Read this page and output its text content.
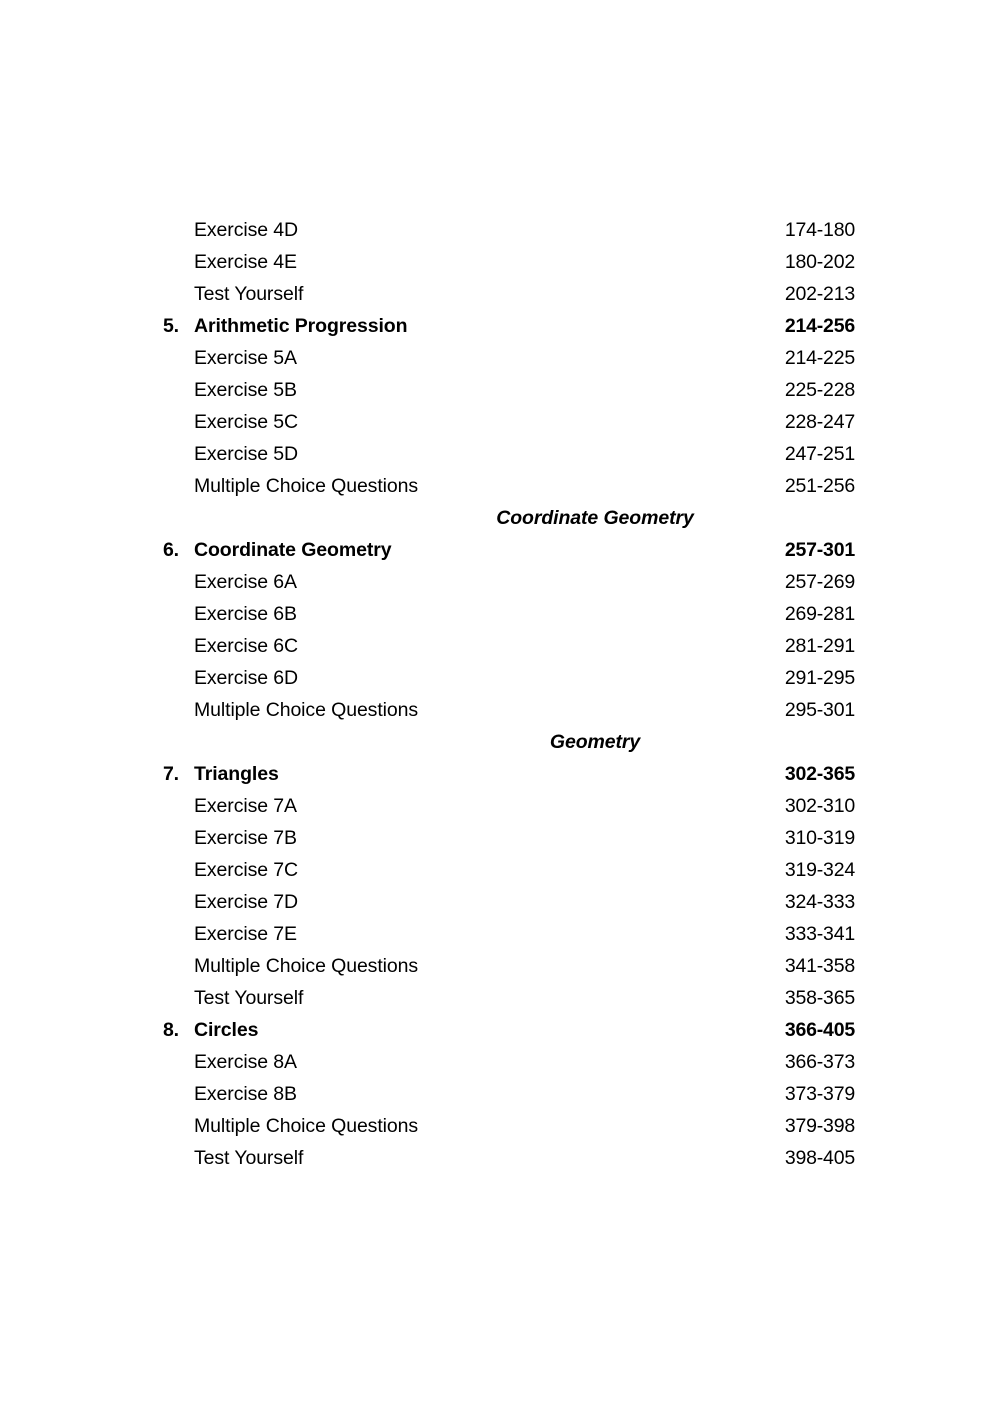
Exercise 4D	174-180
Exercise 4E	180-202
Test Yourself	202-213
5. Arithmetic Progression	214-256
Exercise 5A	214-225
Exercise 5B	225-228
Exercise 5C	228-247
Exercise 5D	247-251
Multiple Choice Questions	251-256
Coordinate Geometry
6. Coordinate Geometry	257-301
Exercise 6A	257-269
Exercise 6B	269-281
Exercise 6C	281-291
Exercise 6D	291-295
Multiple Choice Questions	295-301
Geometry
7. Triangles	302-365
Exercise 7A	302-310
Exercise 7B	310-319
Exercise 7C	319-324
Exercise 7D	324-333
Exercise 7E	333-341
Multiple Choice Questions	341-358
Test Yourself	358-365
8. Circles	366-405
Exercise 8A	366-373
Exercise 8B	373-379
Multiple Choice Questions	379-398
Test Yourself	398-405
